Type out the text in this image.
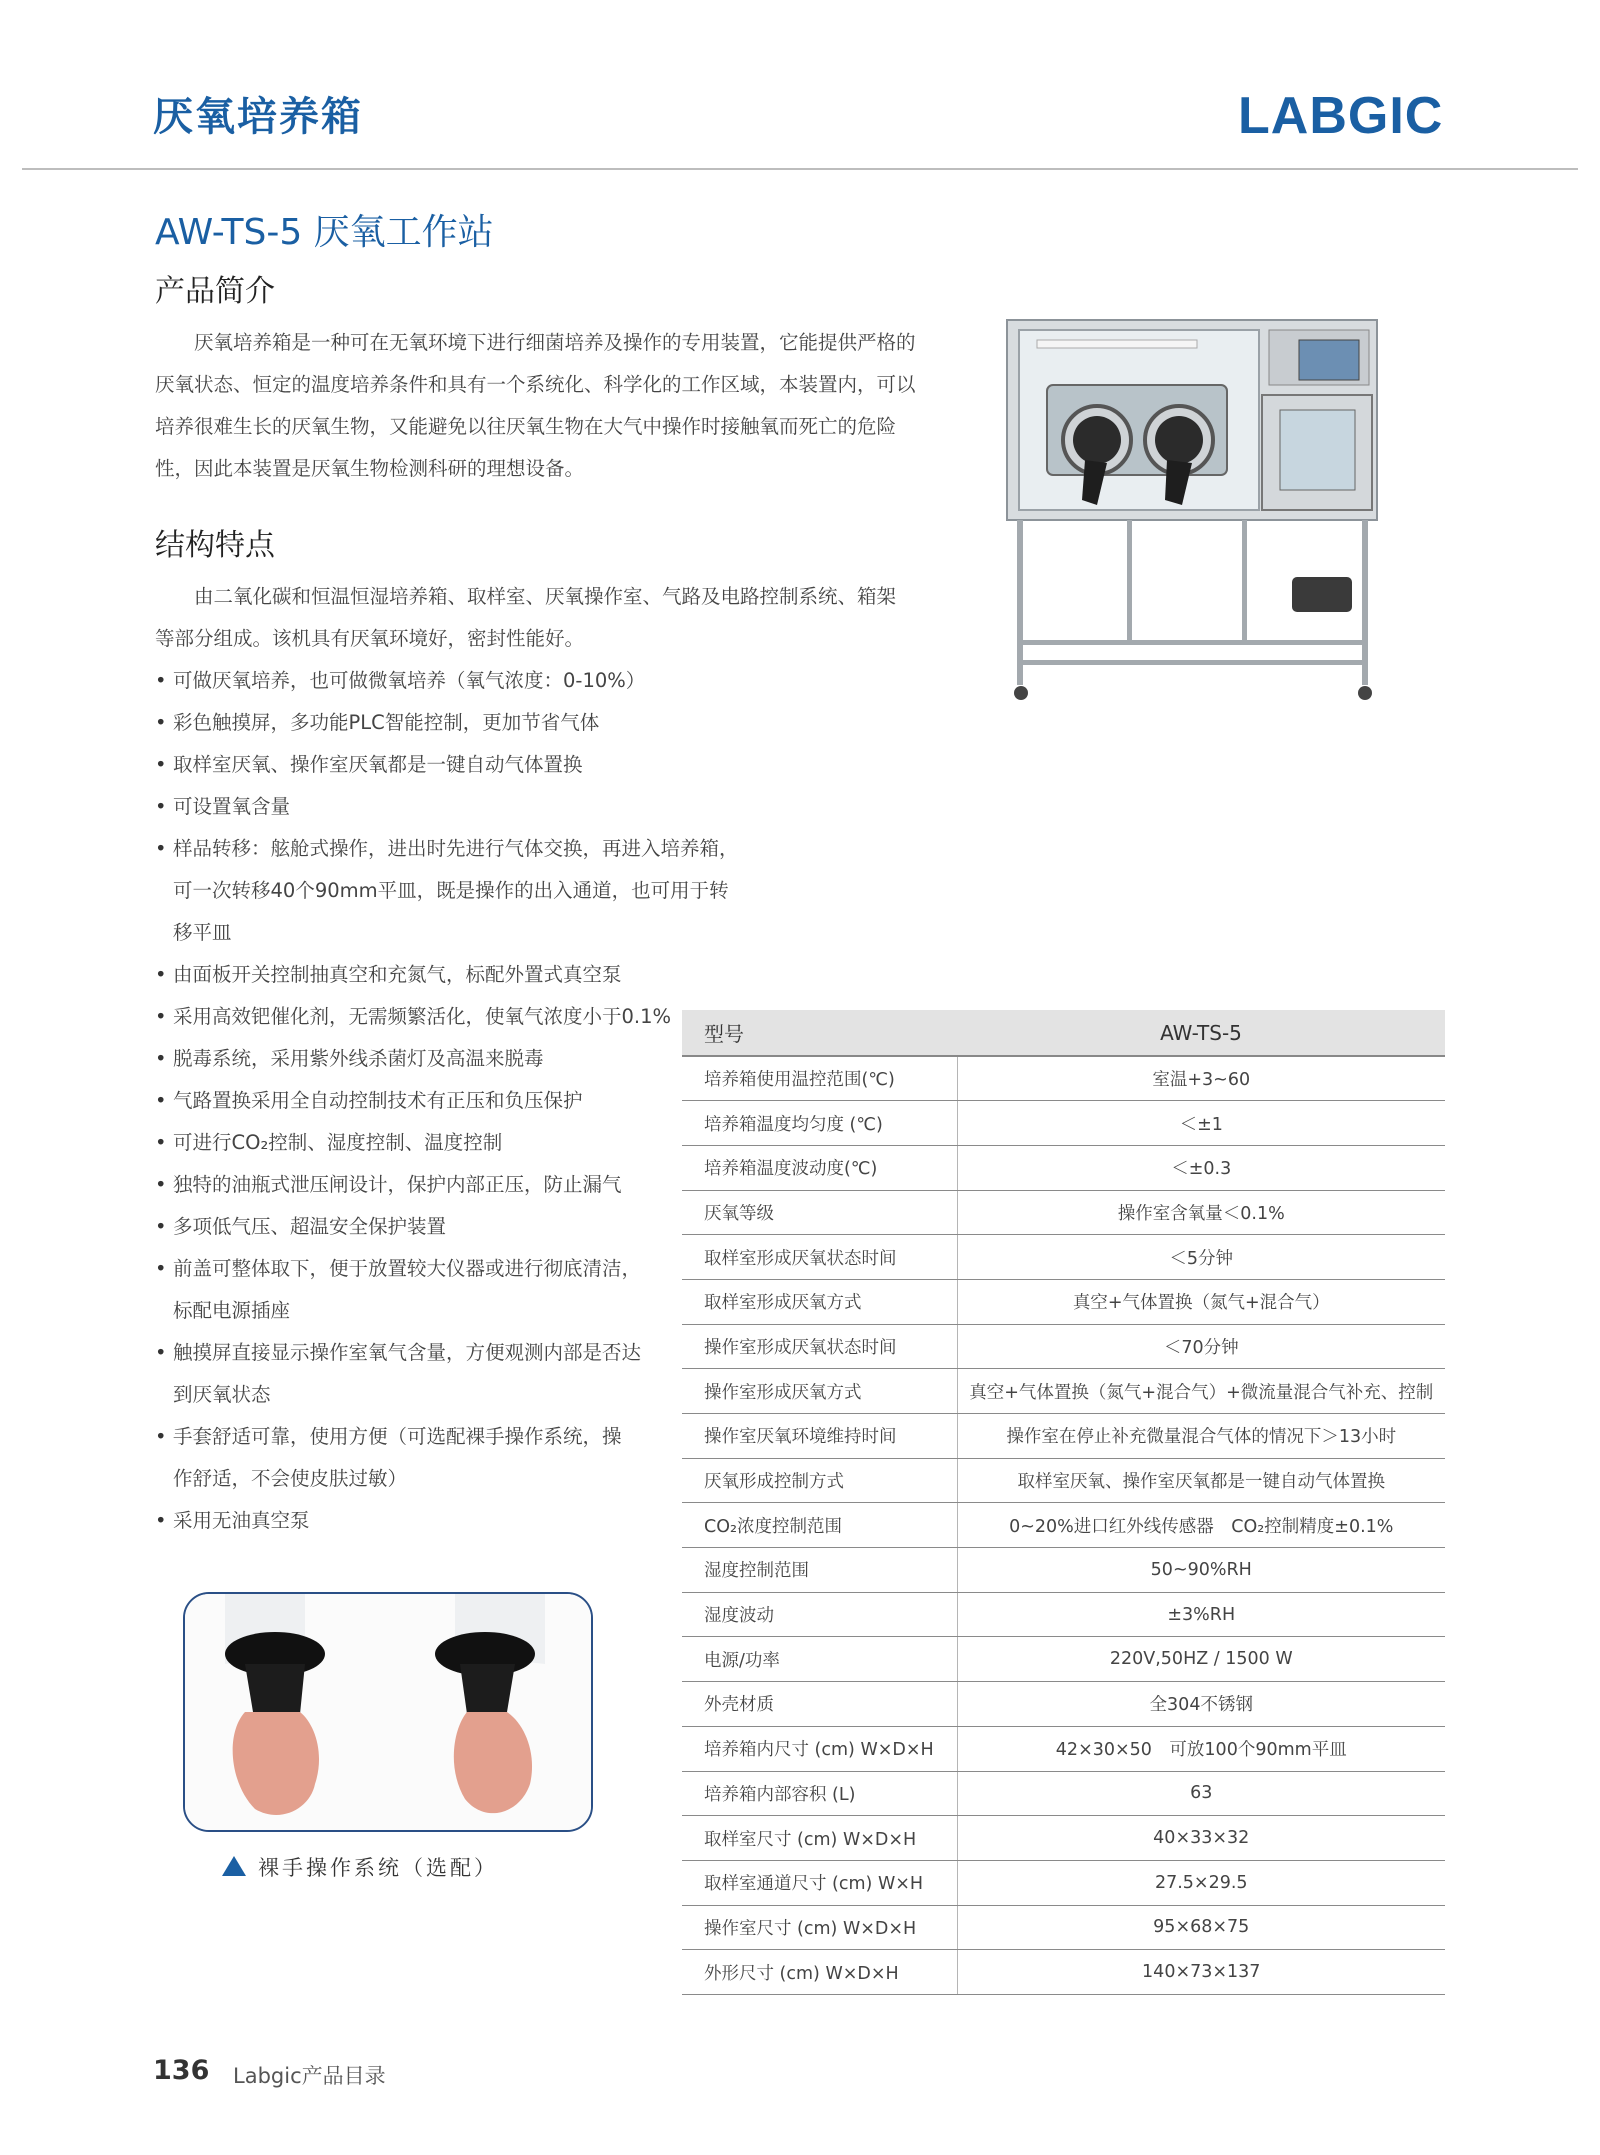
厌氧培养箱	LABGIC
AW-TS-5 厌氧工作站
产品简介

厌氧培养箱是一种可在无氧环境下进行细菌培养及操作的专用装置，它能提供严格的厌氧状态、恒定的温度培养条件和具有一个系统化、科学化的工作区域，本装置内，可以培养很难生长的厌氧生物，又能避免以往厌氧生物在大气中操作时接触氧而死亡的危险性，因此本装置是厌氧生物检测科研的理想设备。

结构特点

由二氧化碳和恒温恒湿培养箱、取样室、厌氧操作室、气路及电路控制系统、箱架等部分组成。该机具有厌氧环境好，密封性能好。

• 可做厌氧培养，也可做微氧培养（氧气浓度：0-10%）
• 彩色触摸屏，多功能PLC智能控制，更加节省气体
• 取样室厌氧、操作室厌氧都是一键自动气体置换
• 可设置氧含量
• 样品转移：舷舱式操作，进出时先进行气体交换，再进入培养箱，可一次转移40个90mm平皿，既是操作的出入通道，也可用于转移平皿
• 由面板开关控制抽真空和充氮气，标配外置式真空泵
• 采用高效钯催化剂，无需频繁活化，使氧气浓度小于0.1%
• 脱毒系统，采用紫外线杀菌灯及高温来脱毒
• 气路置换采用全自动控制技术有正压和负压保护
• 可进行CO₂控制、湿度控制、温度控制
• 独特的油瓶式泄压闸设计，保护内部正压，防止漏气
• 多项低气压、超温安全保护装置
• 前盖可整体取下，便于放置较大仪器或进行彻底清洁，标配电源插座
• 触摸屏直接显示操作室氧气含量，方便观测内部是否达到厌氧状态
• 手套舒适可靠，使用方便（可选配裸手操作系统，操作舒适，不会使皮肤过敏）
• 采用无油真空泵
裸手操作系统（选配）
型号	AW-TS-5
培养箱使用温控范围(℃)	室温+3~60
培养箱温度均匀度 (℃)	＜±1
培养箱温度波动度(℃)	＜±0.3
厌氧等级	操作室含氧量＜0.1%
取样室形成厌氧状态时间	＜5分钟
取样室形成厌氧方式	真空+气体置换（氮气+混合气）
操作室形成厌氧状态时间	＜70分钟
操作室形成厌氧方式	真空+气体置换（氮气+混合气）+微流量混合气补充、控制
操作室厌氧环境维持时间	操作室在停止补充微量混合气体的情况下＞13小时
厌氧形成控制方式	取样室厌氧、操作室厌氧都是一键自动气体置换
CO₂浓度控制范围	0~20%进口红外线传感器　CO₂控制精度±0.1%
湿度控制范围	50~90%RH
湿度波动	±3%RH
电源/功率	220V,50HZ / 1500 W
外壳材质	全304不锈钢
培养箱内尺寸 (cm) W×D×H	42×30×50　可放100个90mm平皿
培养箱内部容积 (L)	63
取样室尺寸 (cm) W×D×H	40×33×32
取样室通道尺寸 (cm) W×H	27.5×29.5
操作室尺寸 (cm) W×D×H	95×68×75
外形尺寸 (cm) W×D×H	140×73×137
136 Labgic产品目录
